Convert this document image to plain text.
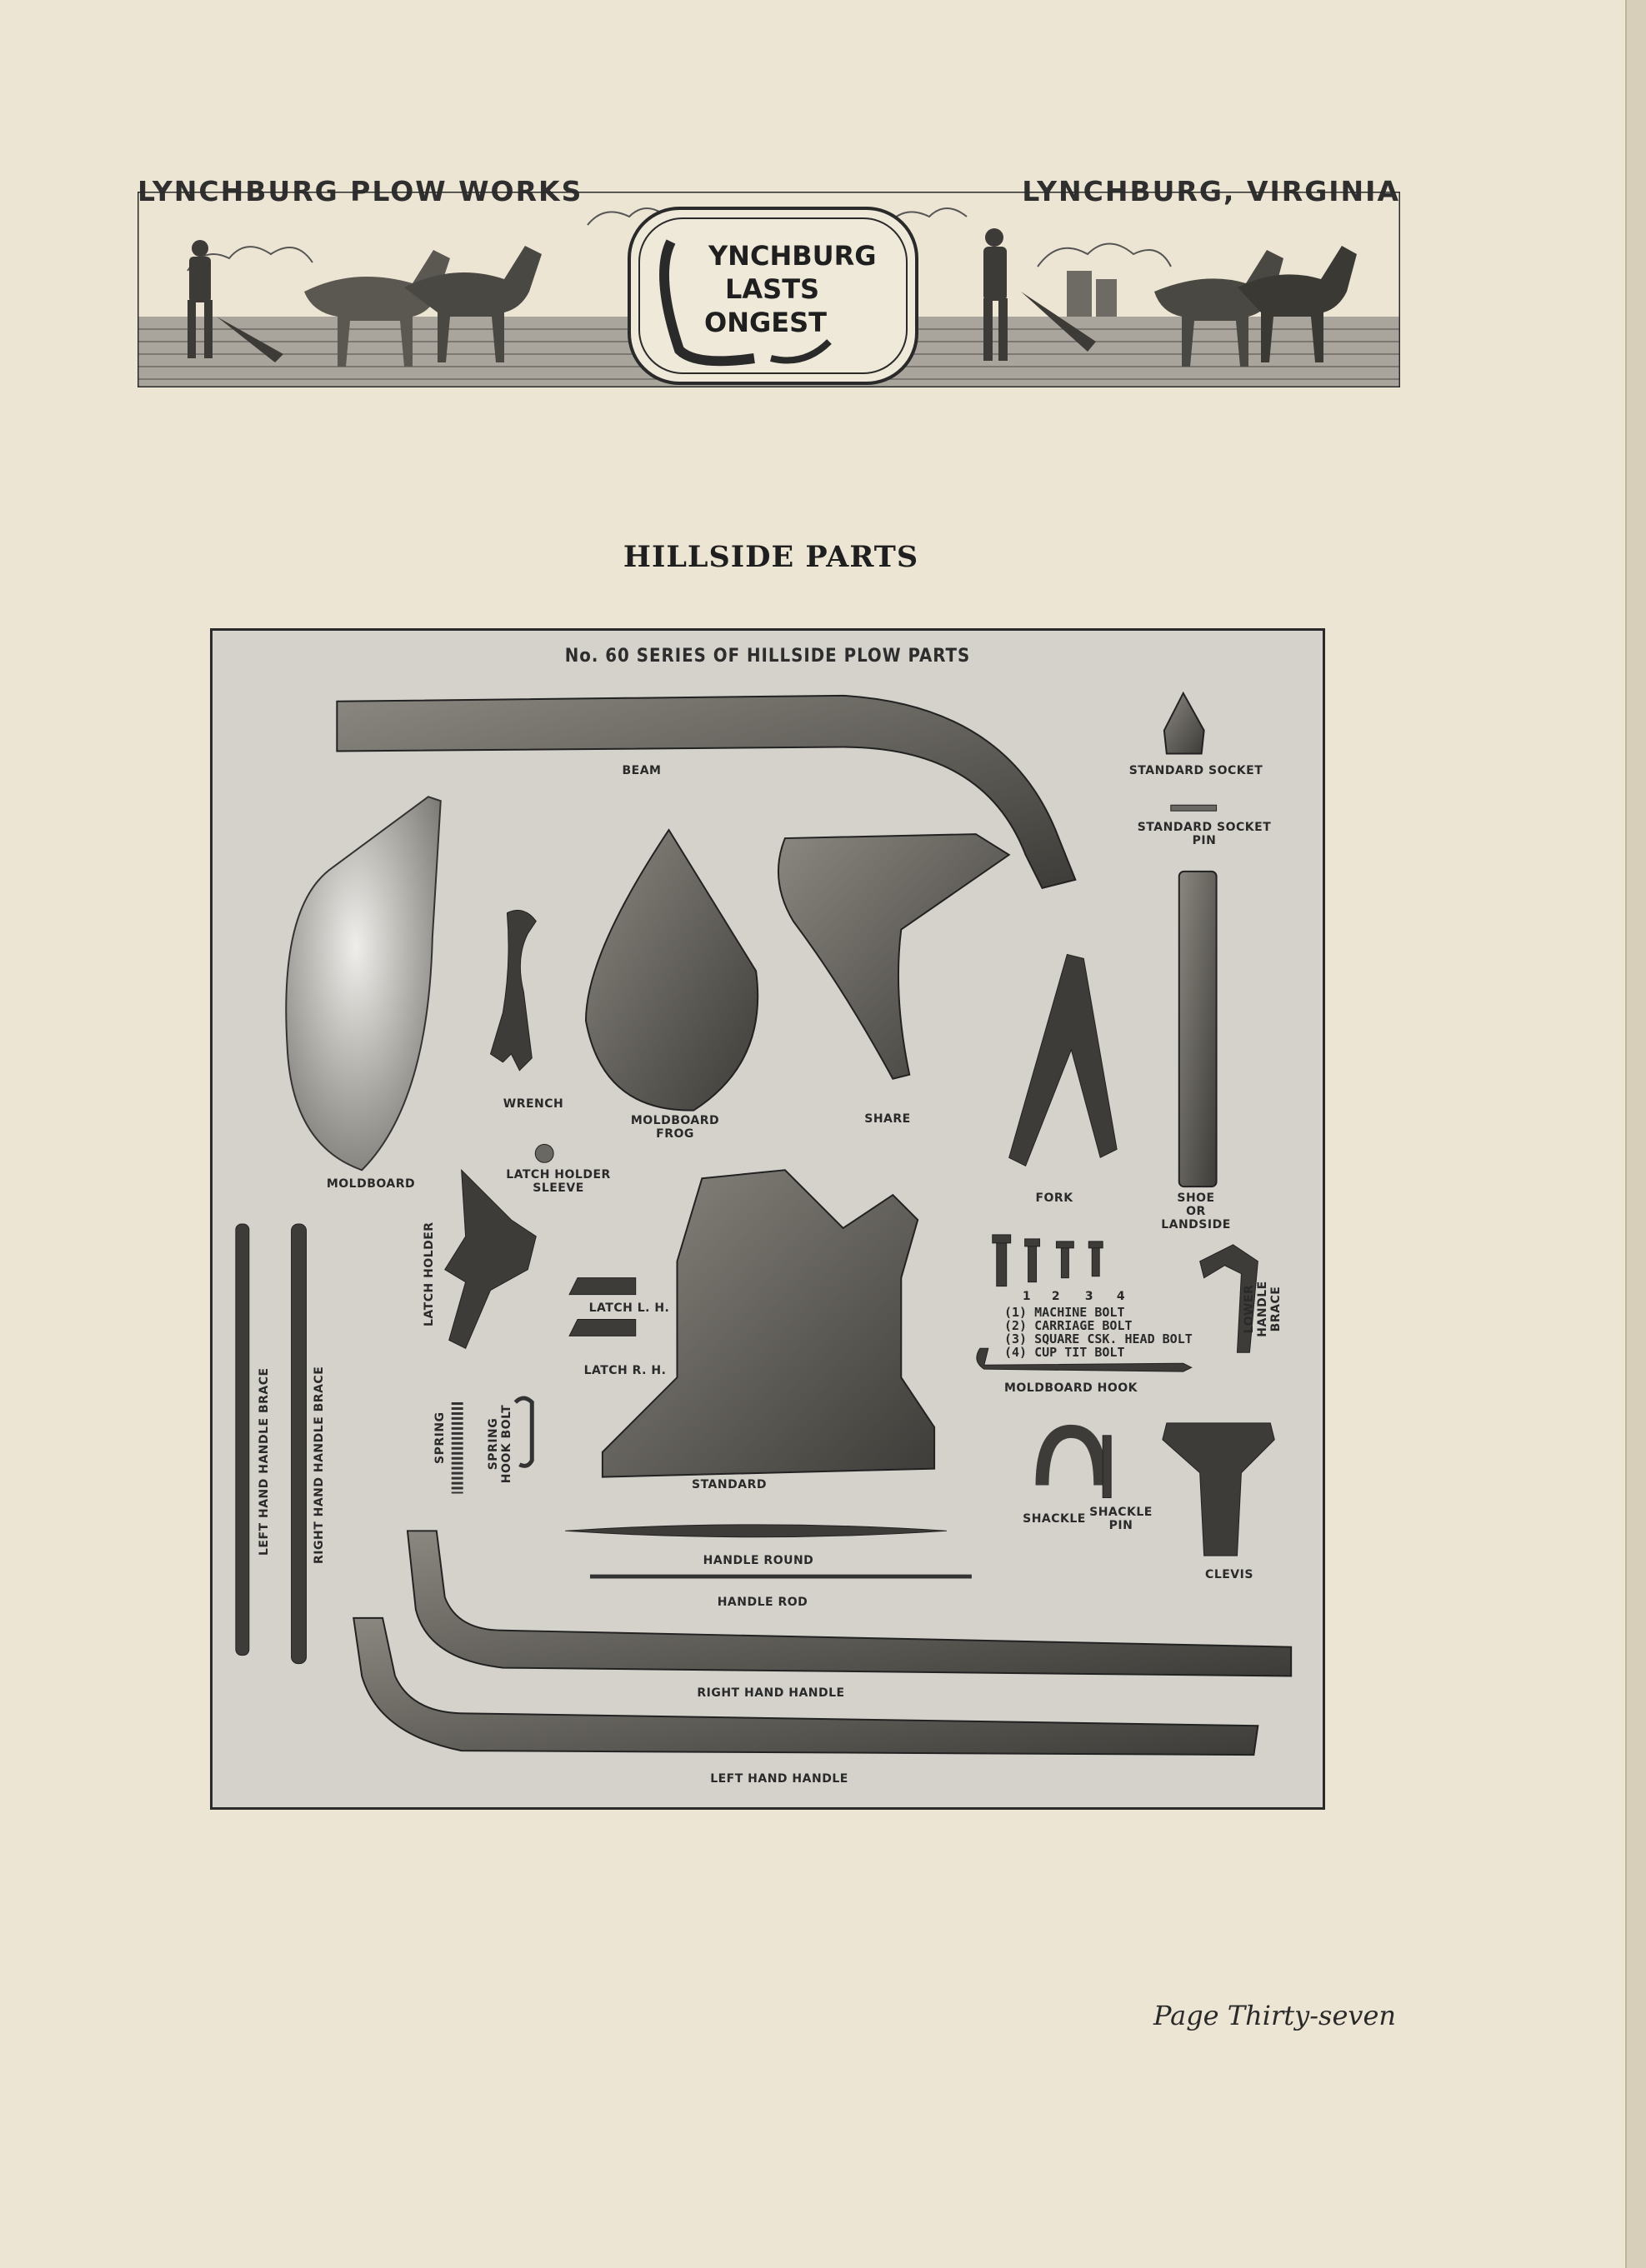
LYNCHBURG PLOW WORKS	LYNCHBURG, VIRGINIA
YNCHBURG
LASTS
ONGEST
HILLSIDE PARTS
No. 60 SERIES OF HILLSIDE PLOW PARTS
BEAM	STANDARD SOCKET
STANDARD SOCKET
PIN
MOLDBOARD
WRENCH
MOLDBOARD
FROG
SHARE
FORK	SHOE
OR
LANDSIDE
LATCH HOLDER
SLEEVE
LATCH HOLDER	LATCH L. H.
LATCH R. H.
LOWER
HANDLE
BRACE
LEFT HAND HANDLE BRACE	RIGHT HAND HANDLE BRACE	SPRING	SPRING
HOOK BOLT
STANDARD
MOLDBOARD HOOK
SHACKLE SHACKLE
PIN
CLEVIS
HANDLE ROUND
HANDLE ROD
RIGHT HAND HANDLE
LEFT HAND HANDLE
1 2 3 4
(1) MACHINE BOLT
(2) CARRIAGE BOLT
(3) SQUARE CSK. HEAD BOLT
(4) CUP TIT BOLT
Page Thirty-seven
